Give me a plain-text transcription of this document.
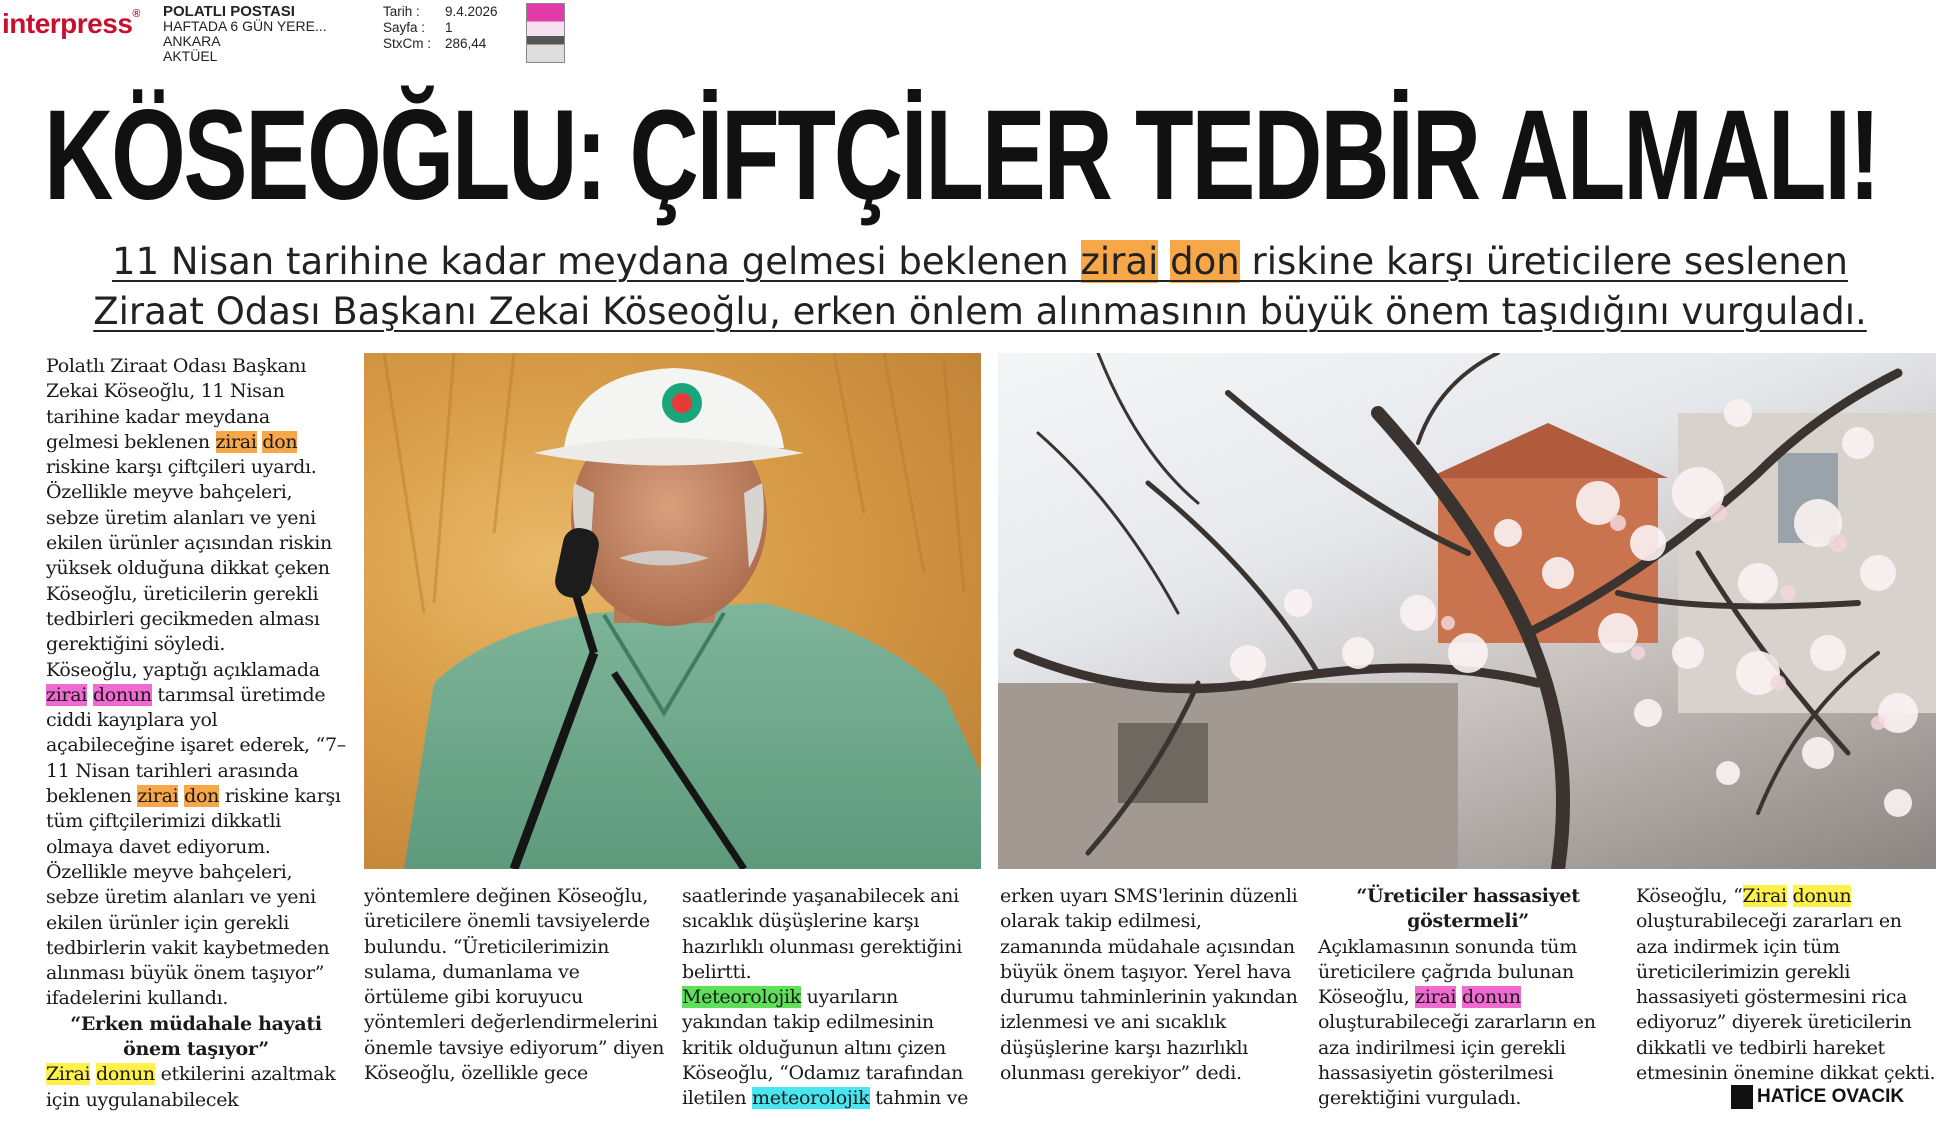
interpress® POLATLI POSTASI
HAFTADA 6 GÜN YERE...
ANKARA
AKTÜEL
Tarih :	9.4.2026
Sayfa :	1
StxCm :	286,44
KÖSEOĞLU: ÇİFTÇİLER TEDBİR ALMALI!
11 Nisan tarihine kadar meydana gelmesi beklenen zirai don riskine karşı üreticilere seslenen
Ziraat Odası Başkanı Zekai Köseoğlu, erken önlem alınmasının büyük önem taşıdığını vurguladı.

Polatlı Ziraat Odası Başkanı Zekai Köseoğlu, 11 Nisan tarihine kadar meydana gelmesi beklenen zirai don riskine karşı çiftçileri uyardı. Özellikle meyve bahçeleri, sebze üretim alanları ve yeni ekilen ürünler açısından riskin yüksek olduğuna dikkat çeken Köseoğlu, üreticilerin gerekli tedbirleri gecikmeden alması gerektiğini söyledi.

Köseoğlu, yaptığı açıklamada zirai donun tarımsal üretimde ciddi kayıplara yol açabileceğine işaret ederek, “7–11 Nisan tarihleri arasında beklenen zirai don riskine karşı tüm çiftçilerimizi dikkatli olmaya davet ediyorum. Özellikle meyve bahçeleri, sebze üretim alanları ve yeni ekilen ürünler için gerekli tedbirlerin vakit kaybetmeden alınması büyük önem taşıyor” ifadelerini kullandı.

“Erken müdahale hayati önem taşıyor”

Zirai donun etkilerini azaltmak için uygulanabilecek

yöntemlere değinen Köseoğlu, üreticilere önemli tavsiyelerde bulundu. “Üreticilerimizin sulama, dumanlama ve örtüleme gibi koruyucu yöntemleri değerlendirmelerini önemle tavsiye ediyorum” diyen Köseoğlu, özellikle gece

saatlerinde yaşanabilecek ani sıcaklık düşüşlerine karşı hazırlıklı olunması gerektiğini belirtti.
Meteorolojik uyarıların yakından takip edilmesinin kritik olduğunun altını çizen Köseoğlu, “Odamız tarafından iletilen meteorolojik tahmin ve

erken uyarı SMS'lerinin düzenli olarak takip edilmesi, zamanında müdahale açısından büyük önem taşıyor. Yerel hava durumu tahminlerinin yakından izlenmesi ve ani sıcaklık düşüşlerine karşı hazırlıklı olunması gerekiyor” dedi.

“Üreticiler hassasiyet göstermeli”

Açıklamasının sonunda tüm üreticilere çağrıda bulunan Köseoğlu, zirai donun oluşturabileceği zararların en aza indirilmesi için gerekli hassasiyetin gösterilmesi gerektiğini vurguladı.

Köseoğlu, “Zirai donun oluşturabileceği zararları en aza indirmek için tüm üreticilerimizin gerekli hassasiyeti göstermesini rica ediyoruz” diyerek üreticilerin dikkatli ve tedbirli hareket etmesinin önemine dikkat çekti.

HATİCE OVACIK
